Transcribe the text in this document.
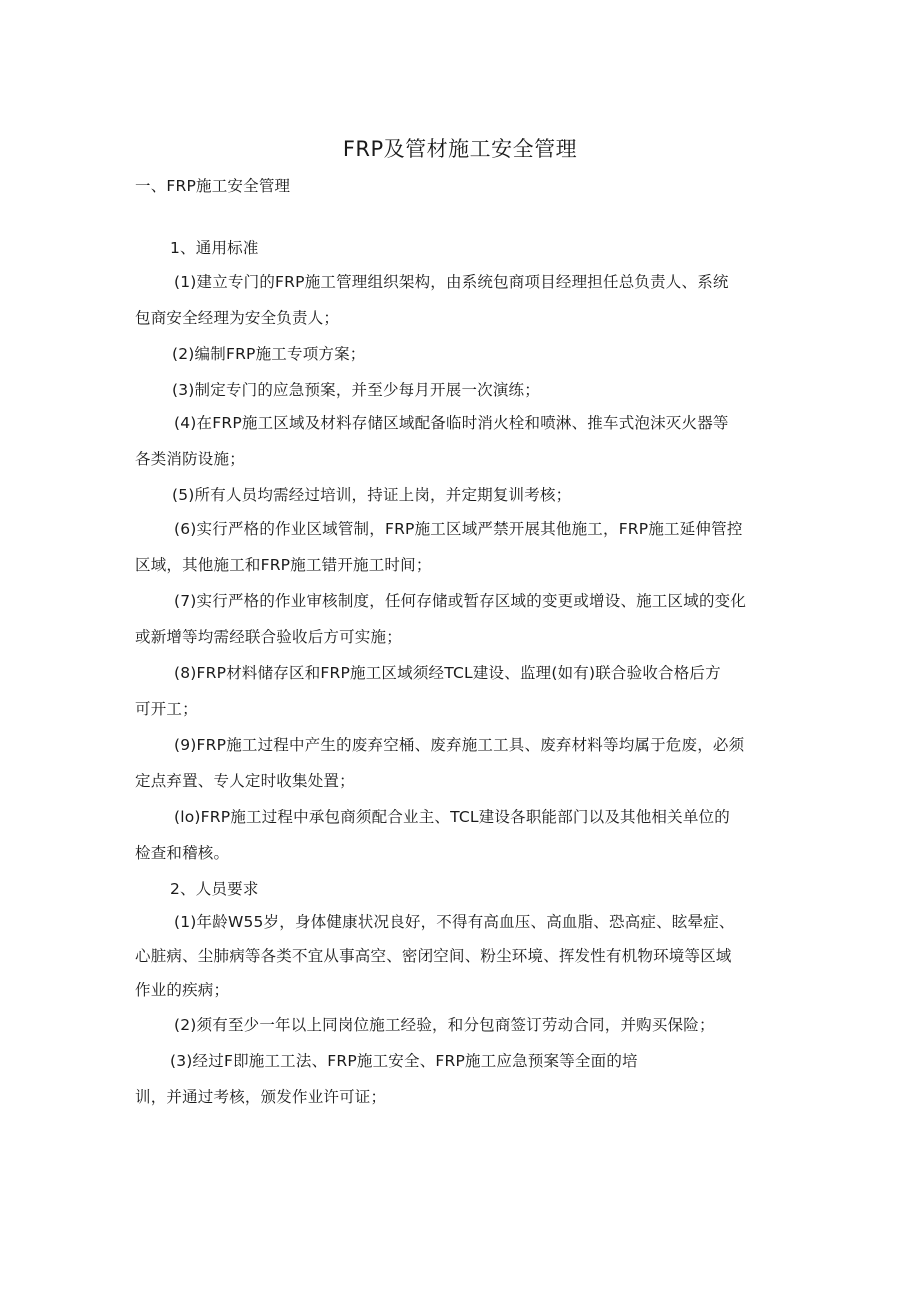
FRP及管材施工安全管理
一、FRP施工安全管理
1、通用标准
(1)建立专门的FRP施工管理组织架构，由系统包商项目经理担任总负责人、系统
包商安全经理为安全负责人；
(2)编制FRP施工专项方案；
(3)制定专门的应急预案，并至少每月开展一次演练；
(4)在FRP施工区域及材料存储区域配备临时消火栓和喷淋、推车式泡沫灭火器等
各类消防设施；
(5)所有人员均需经过培训，持证上岗，并定期复训考核；
(6)实行严格的作业区域管制，FRP施工区域严禁开展其他施工，FRP施工延伸管控
区域，其他施工和FRP施工错开施工时间；
(7)实行严格的作业审核制度，任何存储或暂存区域的变更或增设、施工区域的变化
或新增等均需经联合验收后方可实施；
(8)FRP材料储存区和FRP施工区域须经TCL建设、监理(如有)联合验收合格后方
可开工；
(9)FRP施工过程中产生的废弃空桶、废弃施工工具、废弃材料等均属于危废，必须
定点弃置、专人定时收集处置；
(lo)FRP施工过程中承包商须配合业主、TCL建设各职能部门以及其他相关单位的
检查和稽核。
2、人员要求
(1)年龄W55岁，身体健康状况良好，不得有高血压、高血脂、恐高症、眩晕症、
心脏病、尘肺病等各类不宜从事高空、密闭空间、粉尘环境、挥发性有机物环境等区域
作业的疾病；
(2)须有至少一年以上同岗位施工经验，和分包商签订劳动合同，并购买保险；
(3)经过F即施工工法、FRP施工安全、FRP施工应急预案等全面的培
训，并通过考核，颁发作业许可证；
